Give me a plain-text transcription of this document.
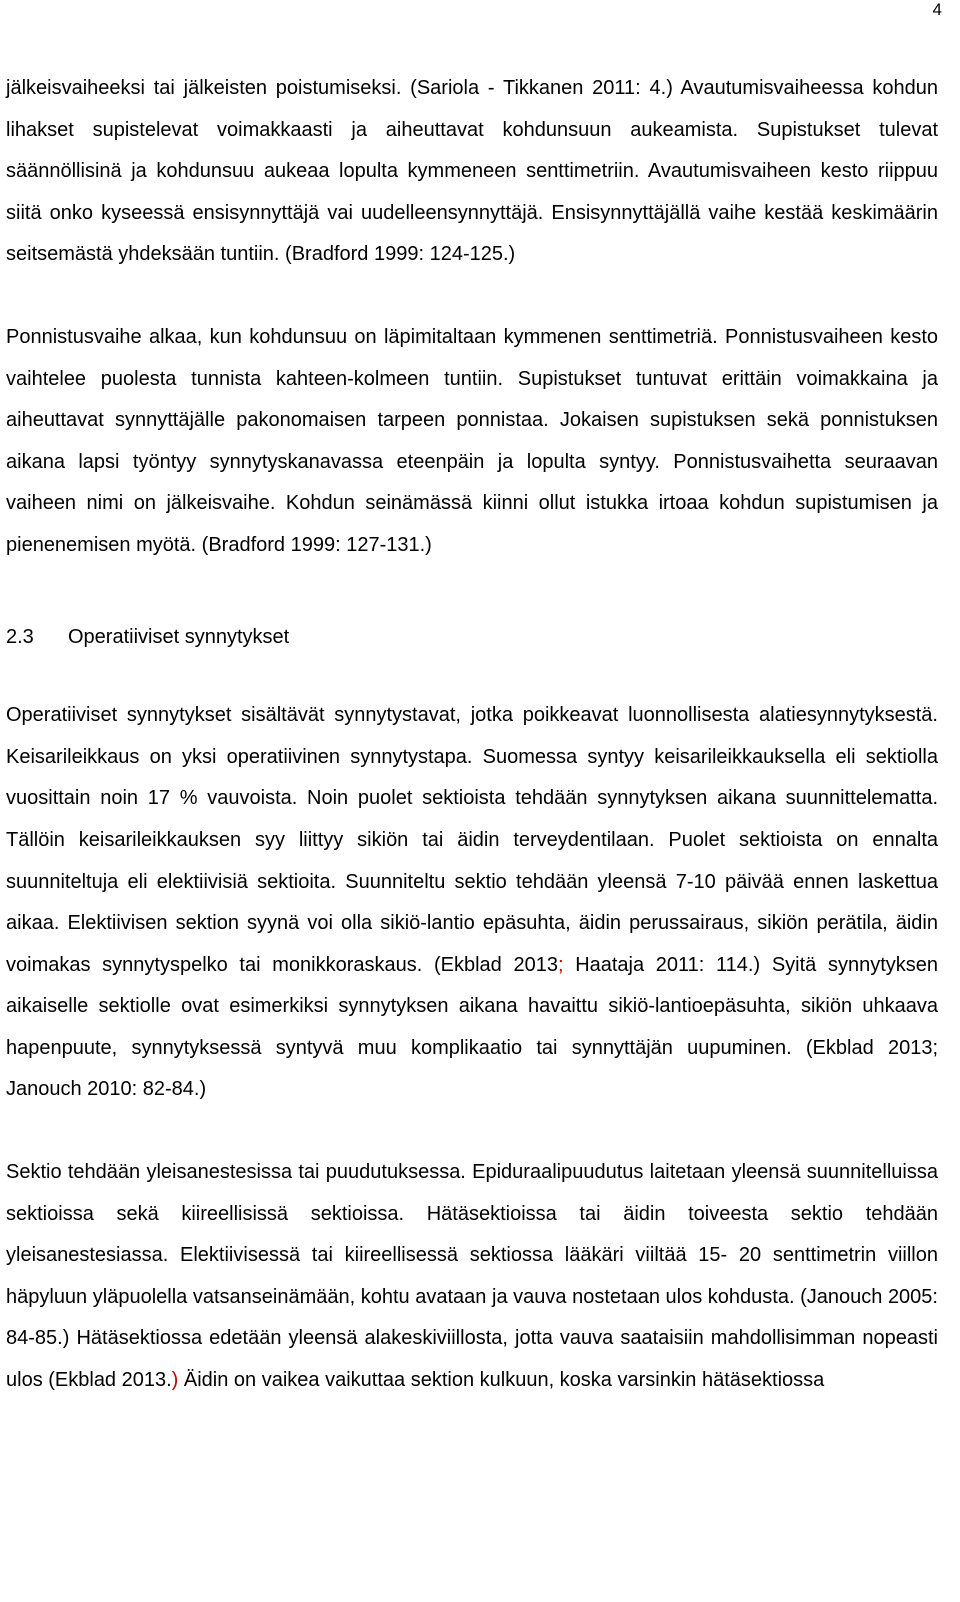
4

jälkeisvaiheeksi tai jälkeisten poistumiseksi. (Sariola - Tikkanen 2011: 4.) Avautumisvaiheessa kohdun lihakset supistelevat voimakkaasti ja aiheuttavat kohdunsuun aukeamista. Supistukset tulevat säännöllisinä ja kohdunsuu aukeaa lopulta kymmeneen senttimetriin. Avautumisvaiheen kesto riippuu siitä onko kyseessä ensisynnyttäjä vai uudelleensynnyttäjä. Ensisynnyttäjällä vaihe kestää keskimäärin seitsemästä yhdeksään tuntiin. (Bradford 1999: 124-125.)

Ponnistusvaihe alkaa, kun kohdunsuu on läpimitaltaan kymmenen senttimetriä. Ponnistusvaiheen kesto vaihtelee puolesta tunnista kahteen-kolmeen tuntiin. Supistukset tuntuvat erittäin voimakkaina ja aiheuttavat synnyttäjälle pakonomaisen tarpeen ponnistaa. Jokaisen supistuksen sekä ponnistuksen aikana lapsi työntyy synnytyskanavassa eteenpäin ja lopulta syntyy. Ponnistusvaihetta seuraavan vaiheen nimi on jälkeisvaihe. Kohdun seinämässä kiinni ollut istukka irtoaa kohdun supistumisen ja pienenemisen myötä. (Bradford 1999: 127-131.)

2.3 Operatiiviset synnytykset

Operatiiviset synnytykset sisältävät synnytystavat, jotka poikkeavat luonnollisesta alatiesynnytyksestä. Keisarileikkaus on yksi operatiivinen synnytystapa. Suomessa syntyy keisarileikkauksella eli sektiolla vuosittain noin 17 % vauvoista. Noin puolet sektioista tehdään synnytyksen aikana suunnittelematta. Tällöin keisarileikkauksen syy liittyy sikiön tai äidin terveydentilaan. Puolet sektioista on ennalta suunniteltuja eli elektiivisiä sektioita. Suunniteltu sektio tehdään yleensä 7-10 päivää ennen laskettua aikaa. Elektiivisen sektion syynä voi olla sikiö-lantio epäsuhta, äidin perussairaus, sikiön perätila, äidin voimakas synnytyspelko tai monikkoraskaus. (Ekblad 2013; Haataja 2011: 114.) Syitä synnytyksen aikaiselle sektiolle ovat esimerkiksi synnytyksen aikana havaittu sikiö-lantioepäsuhta, sikiön uhkaava hapenpuute, synnytyksessä syntyvä muu komplikaatio tai synnyttäjän uupuminen. (Ekblad 2013; Janouch 2010: 82-84.)

Sektio tehdään yleisanestesissa tai puudutuksessa. Epiduraalipuudutus laitetaan yleensä suunnitelluissa sektioissa sekä kiireellisissä sektioissa. Hätäsektioissa tai äidin toiveesta sektio tehdään yleisanestesiassa. Elektiivisessä tai kiireellisessä sektiossa lääkäri viiltää 15- 20 senttimetrin viillon häpyluun yläpuolella vatsanseinämään, kohtu avataan ja vauva nostetaan ulos kohdusta. (Janouch 2005: 84-85.) Hätäsektiossa edetään yleensä alakeskiviillosta, jotta vauva saataisiin mahdollisimman nopeasti ulos (Ekblad 2013.) Äidin on vaikea vaikuttaa sektion kulkuun, koska varsinkin hätäsektiossa
